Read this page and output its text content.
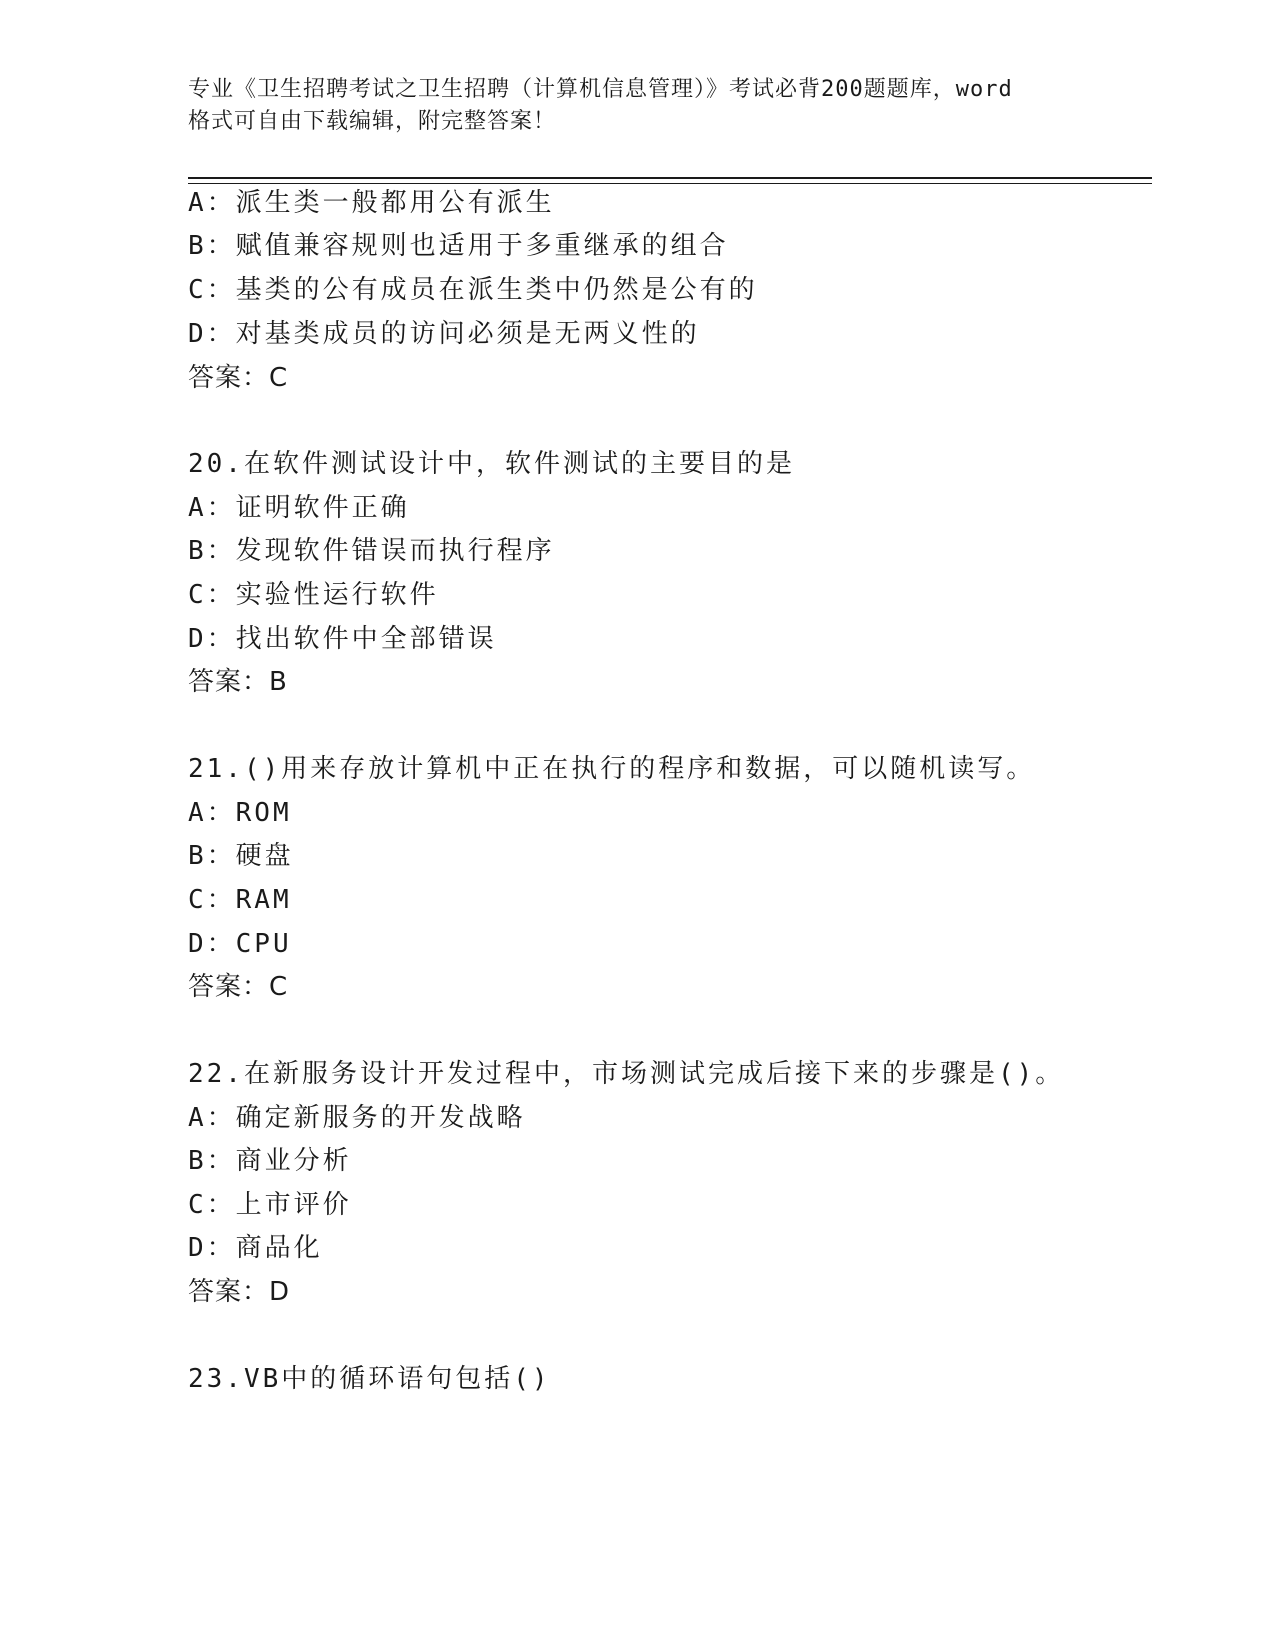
专业《卫生招聘考试之卫生招聘（计算机信息管理）》考试必背200题题库，word
格式可自由下载编辑，附完整答案！
A：派生类一般都用公有派生
B：赋值兼容规则也适用于多重继承的组合
C：基类的公有成员在派生类中仍然是公有的
D：对基类成员的访问必须是无两义性的
答案：C
20.在软件测试设计中，软件测试的主要目的是
A：证明软件正确
B：发现软件错误而执行程序
C：实验性运行软件
D：找出软件中全部错误
答案：B
21.()用来存放计算机中正在执行的程序和数据，可以随机读写。
A：ROM
B：硬盘
C：RAM
D：CPU
答案：C
22.在新服务设计开发过程中，市场测试完成后接下来的步骤是()。
A：确定新服务的开发战略
B：商业分析
C：上市评价
D：商品化
答案：D
23.VB中的循环语句包括()
